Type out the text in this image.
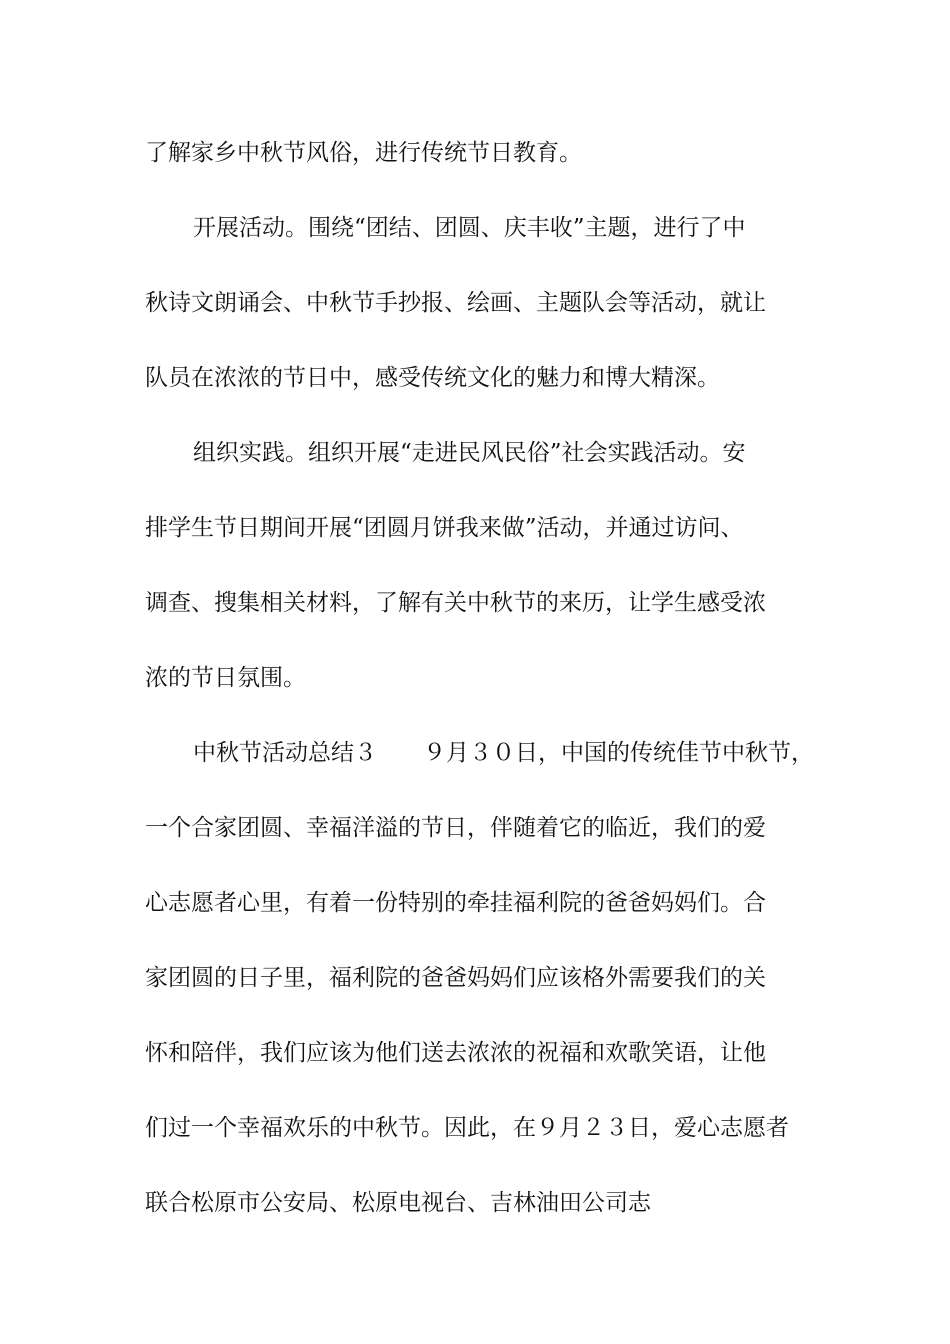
了解家乡中秋节风俗，进行传统节日教育。
开展活动。围绕“团结、团圆、庆丰收”主题，进行了中
秋诗文朗诵会、中秋节手抄报、绘画、主题队会等活动，就让
队员在浓浓的节日中，感受传统文化的魅力和博大精深。
组织实践。组织开展“走进民风民俗”社会实践活动。安
排学生节日期间开展“团圆月饼我来做”活动，并通过访问、
调查、搜集相关材料，了解有关中秋节的来历，让学生感受浓
浓的节日氛围。
中秋节活动总结３　　９月３０日，中国的传统佳节中秋节，
一个合家团圆、幸福洋溢的节日，伴随着它的临近，我们的爱
心志愿者心里，有着一份特别的牵挂福利院的爸爸妈妈们。合
家团圆的日子里，福利院的爸爸妈妈们应该格外需要我们的关
怀和陪伴，我们应该为他们送去浓浓的祝福和欢歌笑语，让他
们过一个幸福欢乐的中秋节。因此，在９月２３日，爱心志愿者
联合松原市公安局、松原电视台、吉林油田公司志
